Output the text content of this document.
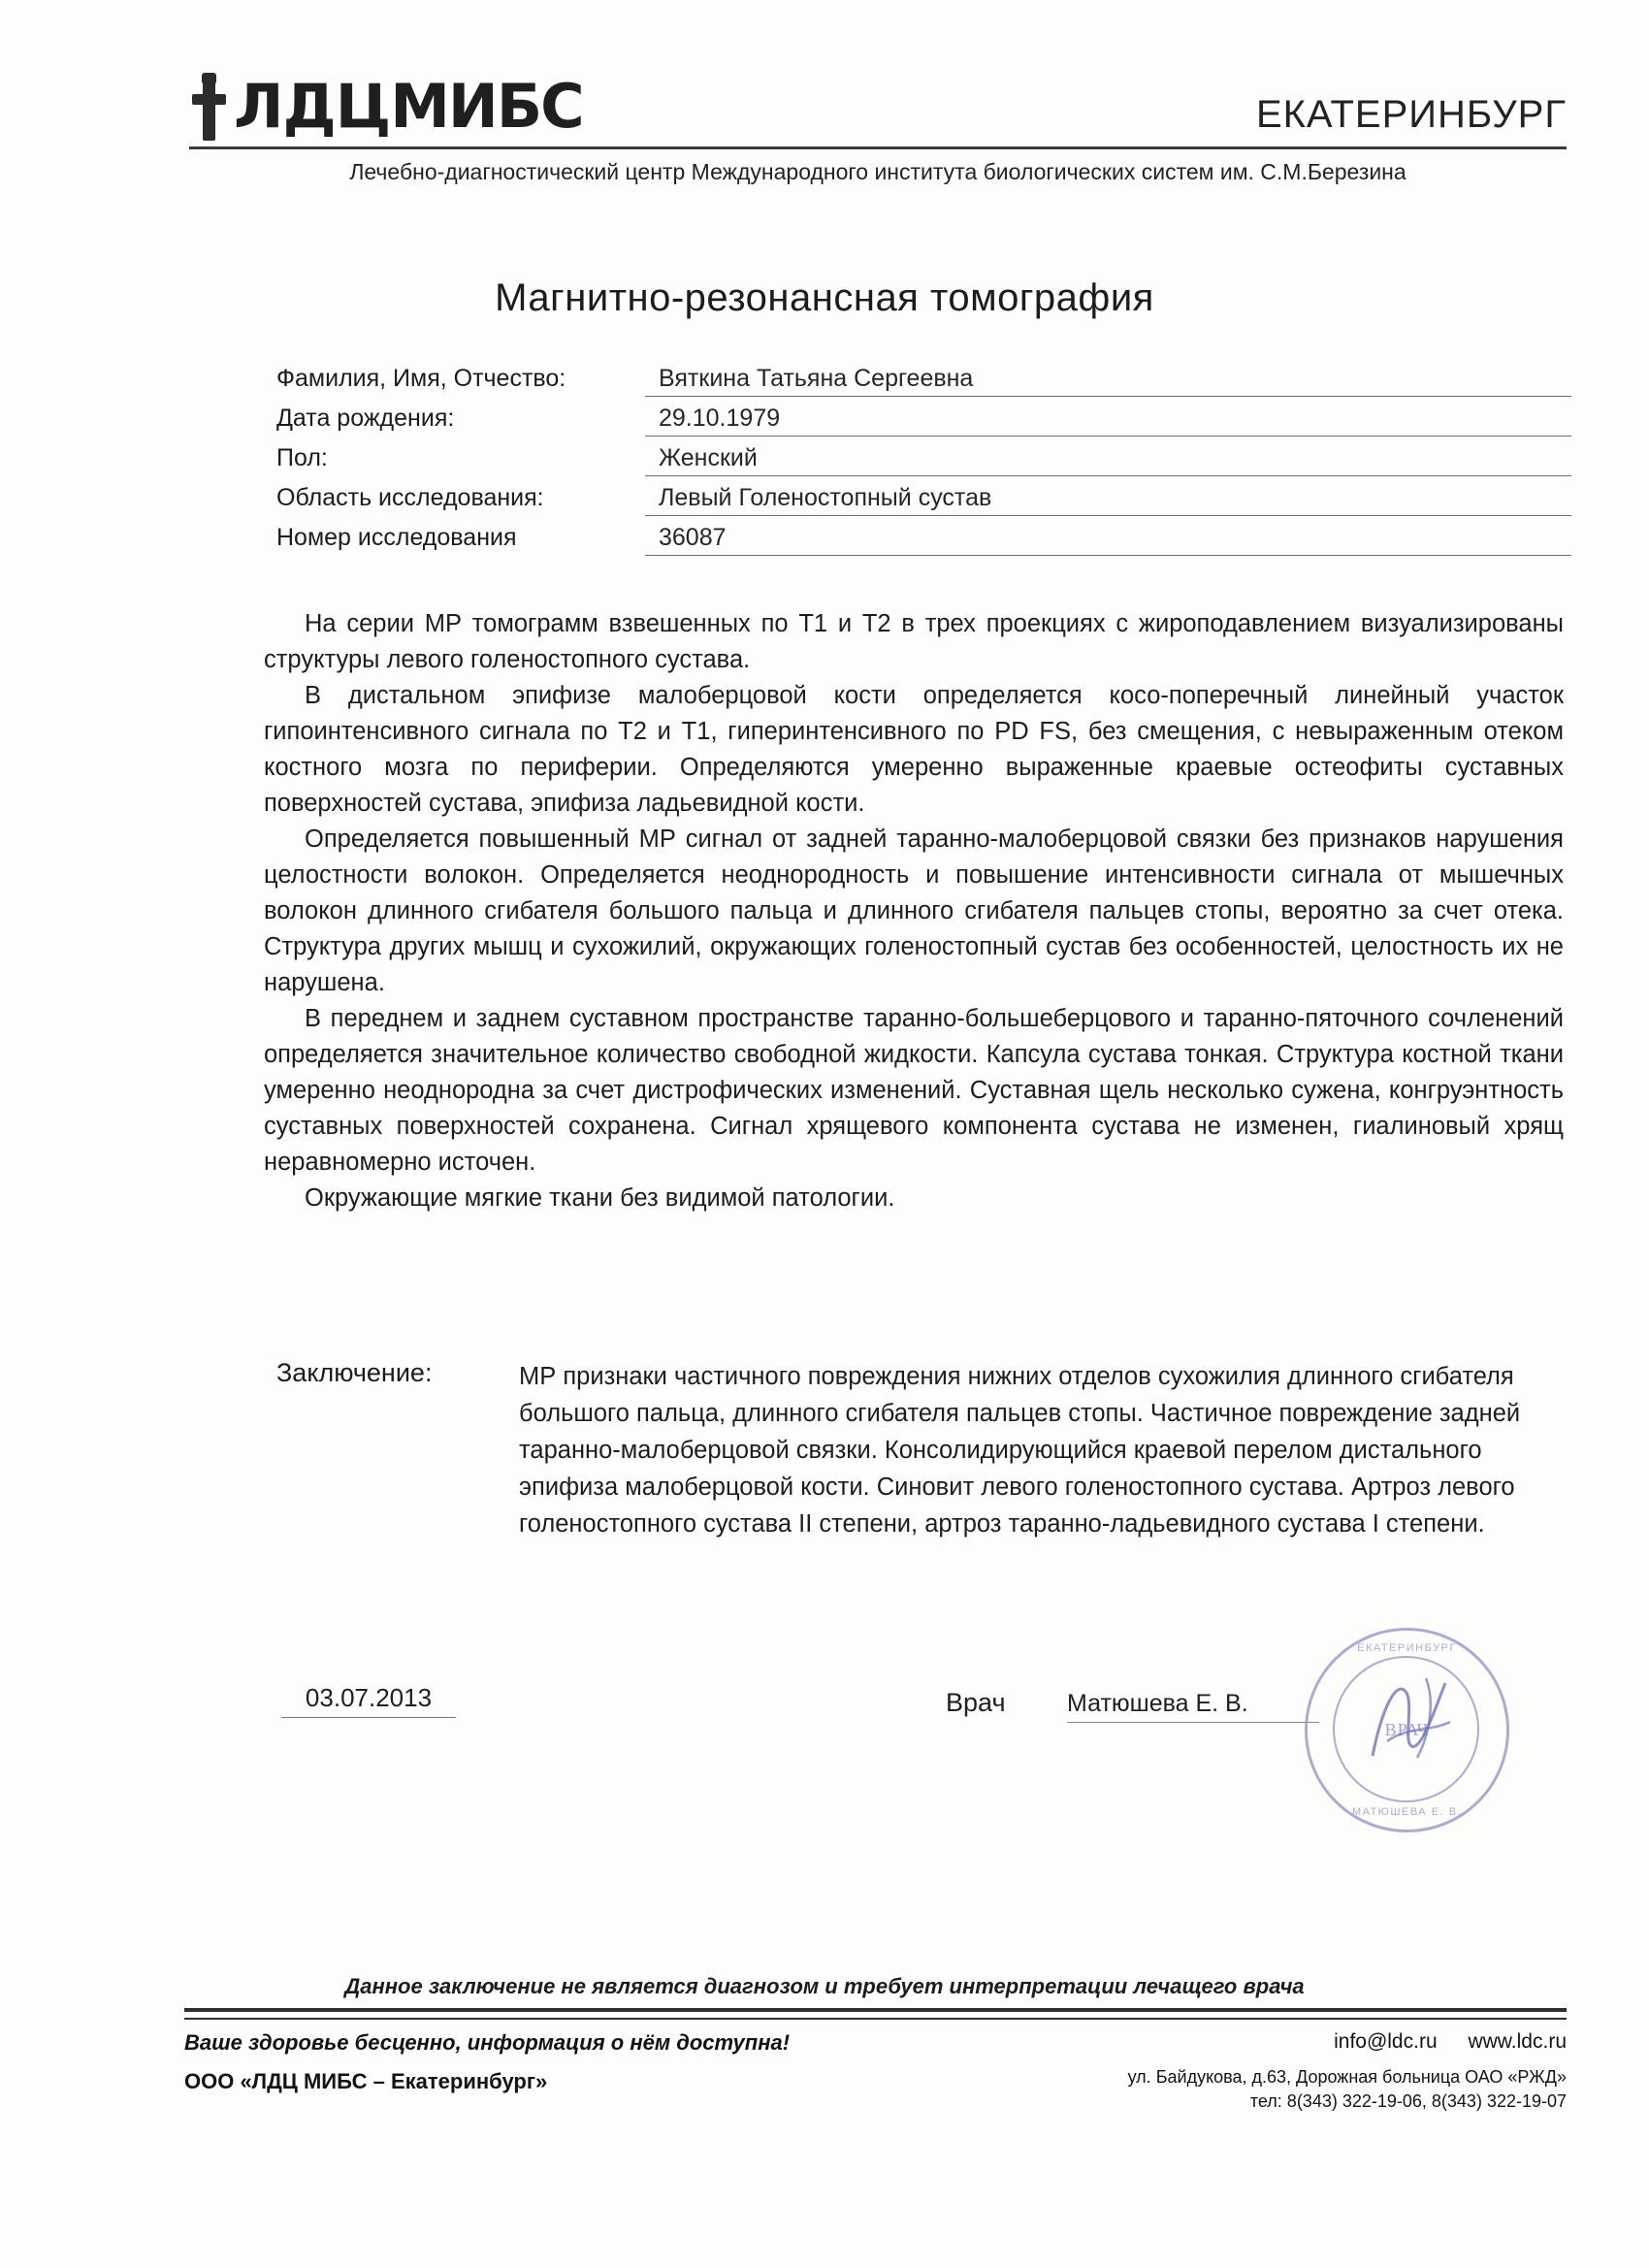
ЛДЦМИБС	ЕКАТЕРИНБУРГ
Лечебно-диагностический центр Международного института биологических систем им. С.М.Березина
Магнитно-резонансная томография
Фамилия, Имя, Отчество:	Вяткина Татьяна Сергеевна
Дата рождения:	29.10.1979
Пол:	Женский
Область исследования:	Левый Голеностопный сустав
Номер исследования	36087

На серии МР томограмм взвешенных по Т1 и Т2 в трех проекциях с жироподавлением визуализированы структуры левого голеностопного сустава.

В дистальном эпифизе малоберцовой кости определяется косо-поперечный линейный участок гипоинтенсивного сигнала по Т2 и Т1, гиперинтенсивного по PD FS, без смещения, с невыраженным отеком костного мозга по периферии. Определяются умеренно выраженные краевые остеофиты суставных поверхностей сустава, эпифиза ладьевидной кости.

Определяется повышенный МР сигнал от задней таранно-малоберцовой связки без признаков нарушения целостности волокон. Определяется неоднородность и повышение интенсивности сигнала от мышечных волокон длинного сгибателя большого пальца и длинного сгибателя пальцев стопы, вероятно за счет отека. Структура других мышц и сухожилий, окружающих голеностопный сустав без особенностей, целостность их не нарушена.

В переднем и заднем суставном пространстве таранно-большеберцового и таранно-пяточного сочленений определяется значительное количество свободной жидкости. Капсула сустава тонкая. Структура костной ткани умеренно неоднородна за счет дистрофических изменений. Суставная щель несколько сужена, конгруэнтность суставных поверхностей сохранена. Сигнал хрящевого компонента сустава не изменен, гиалиновый хрящ неравномерно источен.

Окружающие мягкие ткани без видимой патологии.

Заключение:	МР признаки частичного повреждения нижних отделов сухожилия длинного сгибателя большого пальца, длинного сгибателя пальцев стопы. Частичное повреждение задней таранно-малоберцовой связки. Консолидирующийся краевой перелом дистального эпифиза малоберцовой кости. Синовит левого голеностопного сустава. Артроз левого голеностопного сустава II степени, артроз таранно-ладьевидного сустава I степени.
03.07.2013	Врач	Матюшева Е. В.
ЕКАТЕРИНБУРГ
ВРАЧ
МАТЮШЕВА Е. В.
Данное заключение не является диагнозом и требует интерпретации лечащего врача
Ваше здоровье бесценно, информация о нём доступна!
ООО «ЛДЦ МИБС – Екатеринбург»
info@ldc.ru www.ldc.ru
ул. Байдукова, д.63, Дорожная больница ОАО «РЖД»
тел: 8(343) 322-19-06, 8(343) 322-19-07
